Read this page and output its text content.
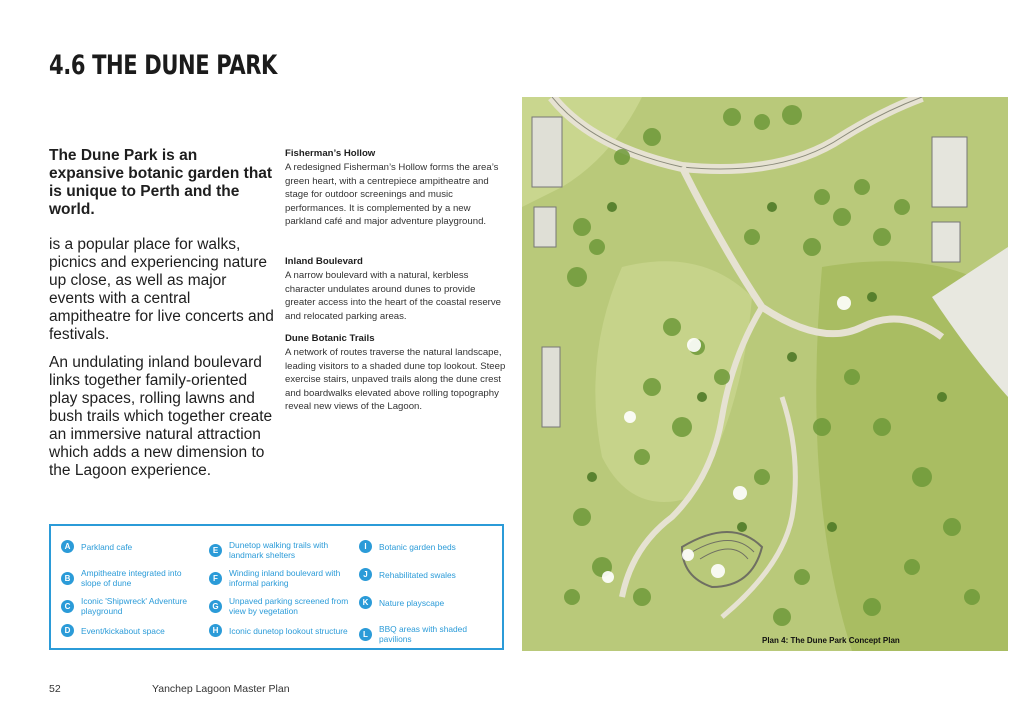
4.6 THE DUNE PARK

The Dune Park is an expansive botanic garden that is unique to Perth and the world.

is a popular place for walks, picnics and experiencing nature up close, as well as major events with a central ampitheatre for live concerts and festivals.

An undulating inland boulevard links together family-oriented play spaces, rolling lawns and bush trails which together create an immersive natural attraction which adds a new dimension to the Lagoon experience.

Fisherman’s Hollow

A redesigned Fisherman’s Hollow forms the area’s green heart, with a centrepiece ampitheatre and stage for outdoor screenings and music performances. It is complemented by a new parkland café and major adventure playground.

Inland Boulevard

A narrow boulevard with a natural, kerbless character undulates around dunes to provide greater access into the heart of the coastal reserve and relocated parking areas.

Dune Botanic Trails

A network of routes traverse the natural landscape, leading visitors to a shaded dune top lookout. Steep exercise stairs, unpaved trails along the dune crest and boardwalks elevated above rolling topography reveal new views of the Lagoon.

A	Parkland cafe
B	Ampitheatre integrated into slope of dune
C	Iconic 'Shipwreck' Adventure playground
D	Event/kickabout space
E	Dunetop walking trails with landmark shelters
F	Winding inland boulevard with informal parking
G	Unpaved parking screened from view by vegetation
H	Iconic dunetop lookout structure
I	Botanic garden beds
J	Rehabilitated swales
K	Nature playscape
L	BBQ areas with shaded pavilions	Plan 4: The Dune Park Concept Plan
52	Yanchep Lagoon Master Plan
